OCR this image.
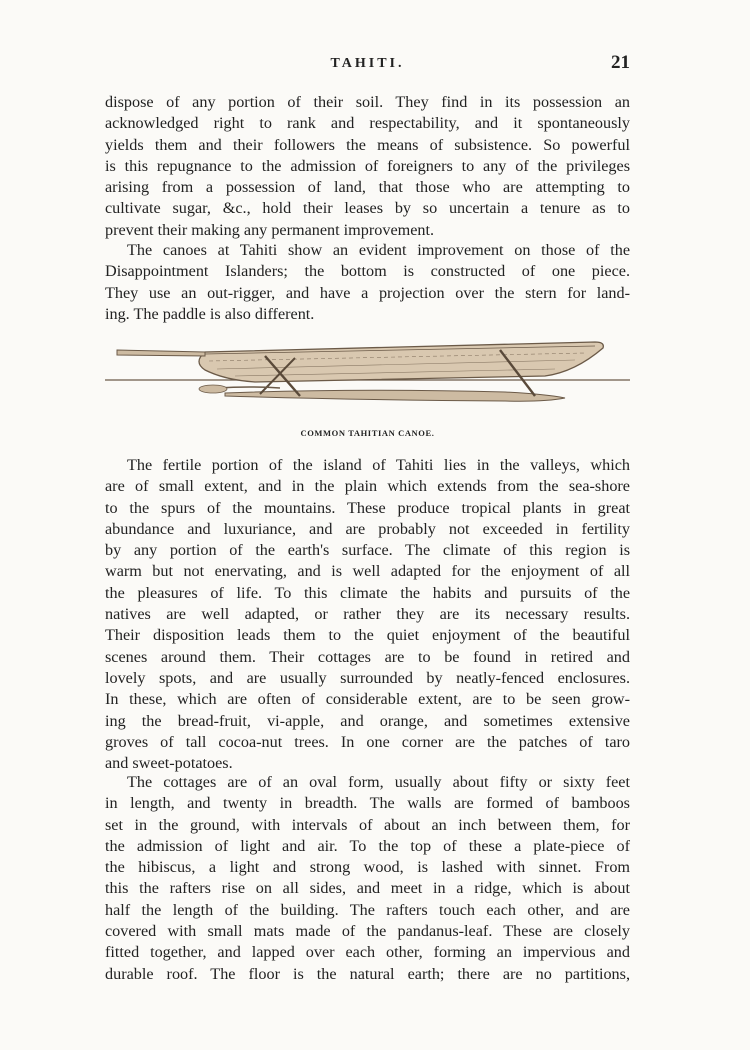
TAHITI.	21
dispose of any portion of their soil. They find in its possession an
acknowledged right to rank and respectability, and it spontaneously
yields them and their followers the means of subsistence. So powerful
is this repugnance to the admission of foreigners to any of the privileges
arising from a possession of land, that those who are attempting to
cultivate sugar, &c., hold their leases by so uncertain a tenure as to
prevent their making any permanent improvement.
The canoes at Tahiti show an evident improvement on those of the
Disappointment Islanders; the bottom is constructed of one piece.
They use an out-rigger, and have a projection over the stern for land-
ing. The paddle is also different.
COMMON TAHITIAN CANOE.
The fertile portion of the island of Tahiti lies in the valleys, which
are of small extent, and in the plain which extends from the sea-shore
to the spurs of the mountains. These produce tropical plants in great
abundance and luxuriance, and are probably not exceeded in fertility
by any portion of the earth's surface. The climate of this region is
warm but not enervating, and is well adapted for the enjoyment of all
the pleasures of life. To this climate the habits and pursuits of the
natives are well adapted, or rather they are its necessary results.
Their disposition leads them to the quiet enjoyment of the beautiful
scenes around them. Their cottages are to be found in retired and
lovely spots, and are usually surrounded by neatly-fenced enclosures.
In these, which are often of considerable extent, are to be seen grow-
ing the bread-fruit, vi-apple, and orange, and sometimes extensive
groves of tall cocoa-nut trees. In one corner are the patches of taro
and sweet-potatoes.
The cottages are of an oval form, usually about fifty or sixty feet
in length, and twenty in breadth. The walls are formed of bamboos
set in the ground, with intervals of about an inch between them, for
the admission of light and air. To the top of these a plate-piece of
the hibiscus, a light and strong wood, is lashed with sinnet. From
this the rafters rise on all sides, and meet in a ridge, which is about
half the length of the building. The rafters touch each other, and are
covered with small mats made of the pandanus-leaf. These are closely
fitted together, and lapped over each other, forming an impervious and
durable roof. The floor is the natural earth; there are no partitions,
